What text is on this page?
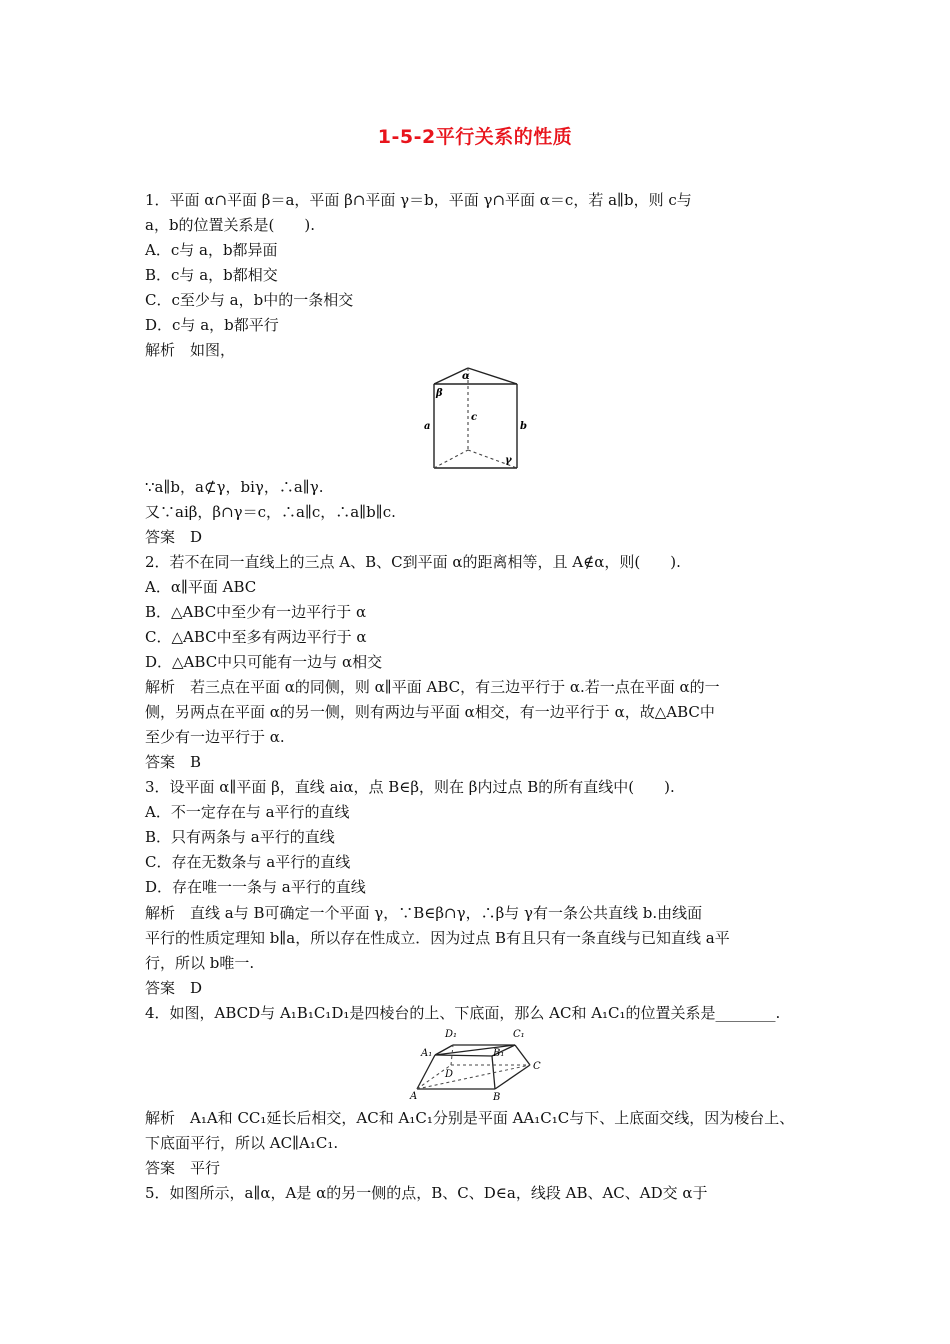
1-5-2平行关系的性质
1．平面 α∩平面 β＝a，平面 β∩平面 γ＝b，平面 γ∩平面 α＝c，若 a∥b，则 c与
a，b的位置关系是(　　).
A．c与 a，b都异面
B．c与 a，b都相交
C．c至少与 a，b中的一条相交
D．c与 a，b都平行
解析　如图，
α
β
c
a	b
γ
∵a∥b，a⊄γ，bⅰγ，∴a∥γ.
又∵aⅰβ，β∩γ＝c，∴a∥c，∴a∥b∥c.
答案　D
2．若不在同一直线上的三点 A、B、C到平面 α的距离相等，且 A∉α，则(　　).
A．α∥平面 ABC
B．△ABC中至少有一边平行于 α
C．△ABC中至多有两边平行于 α
D．△ABC中只可能有一边与 α相交
解析　若三点在平面 α的同侧，则 α∥平面 ABC，有三边平行于 α.若一点在平面 α的一
侧，另两点在平面 α的另一侧，则有两边与平面 α相交，有一边平行于 α，故△ABC中
至少有一边平行于 α.
答案　B
3．设平面 α∥平面 β，直线 aⅰα，点 B∈β，则在 β内过点 B的所有直线中(　　).
A．不一定存在与 a平行的直线
B．只有两条与 a平行的直线
C．存在无数条与 a平行的直线
D．存在唯一一条与 a平行的直线
解析　直线 a与 B可确定一个平面 γ，∵B∈β∩γ，∴β与 γ有一条公共直线 b.由线面
平行的性质定理知 b∥a，所以存在性成立．因为过点 B有且只有一条直线与已知直线 a平
行，所以 b唯一.
答案　D
4．如图，ABCD与 A₁B₁C₁D₁是四棱台的上、下底面，那么 AC和 A₁C₁的位置关系是________.
D₁	C₁
A₁	B₁
D
C
A	B
解析　A₁A和 CC₁延长后相交，AC和 A₁C₁分别是平面 AA₁C₁C与下、上底面交线，因为棱台上、
下底面平行，所以 AC∥A₁C₁.
答案　平行
5．如图所示，a∥α，A是 α的另一侧的点，B、C、D∈a，线段 AB、AC、AD交 α于
